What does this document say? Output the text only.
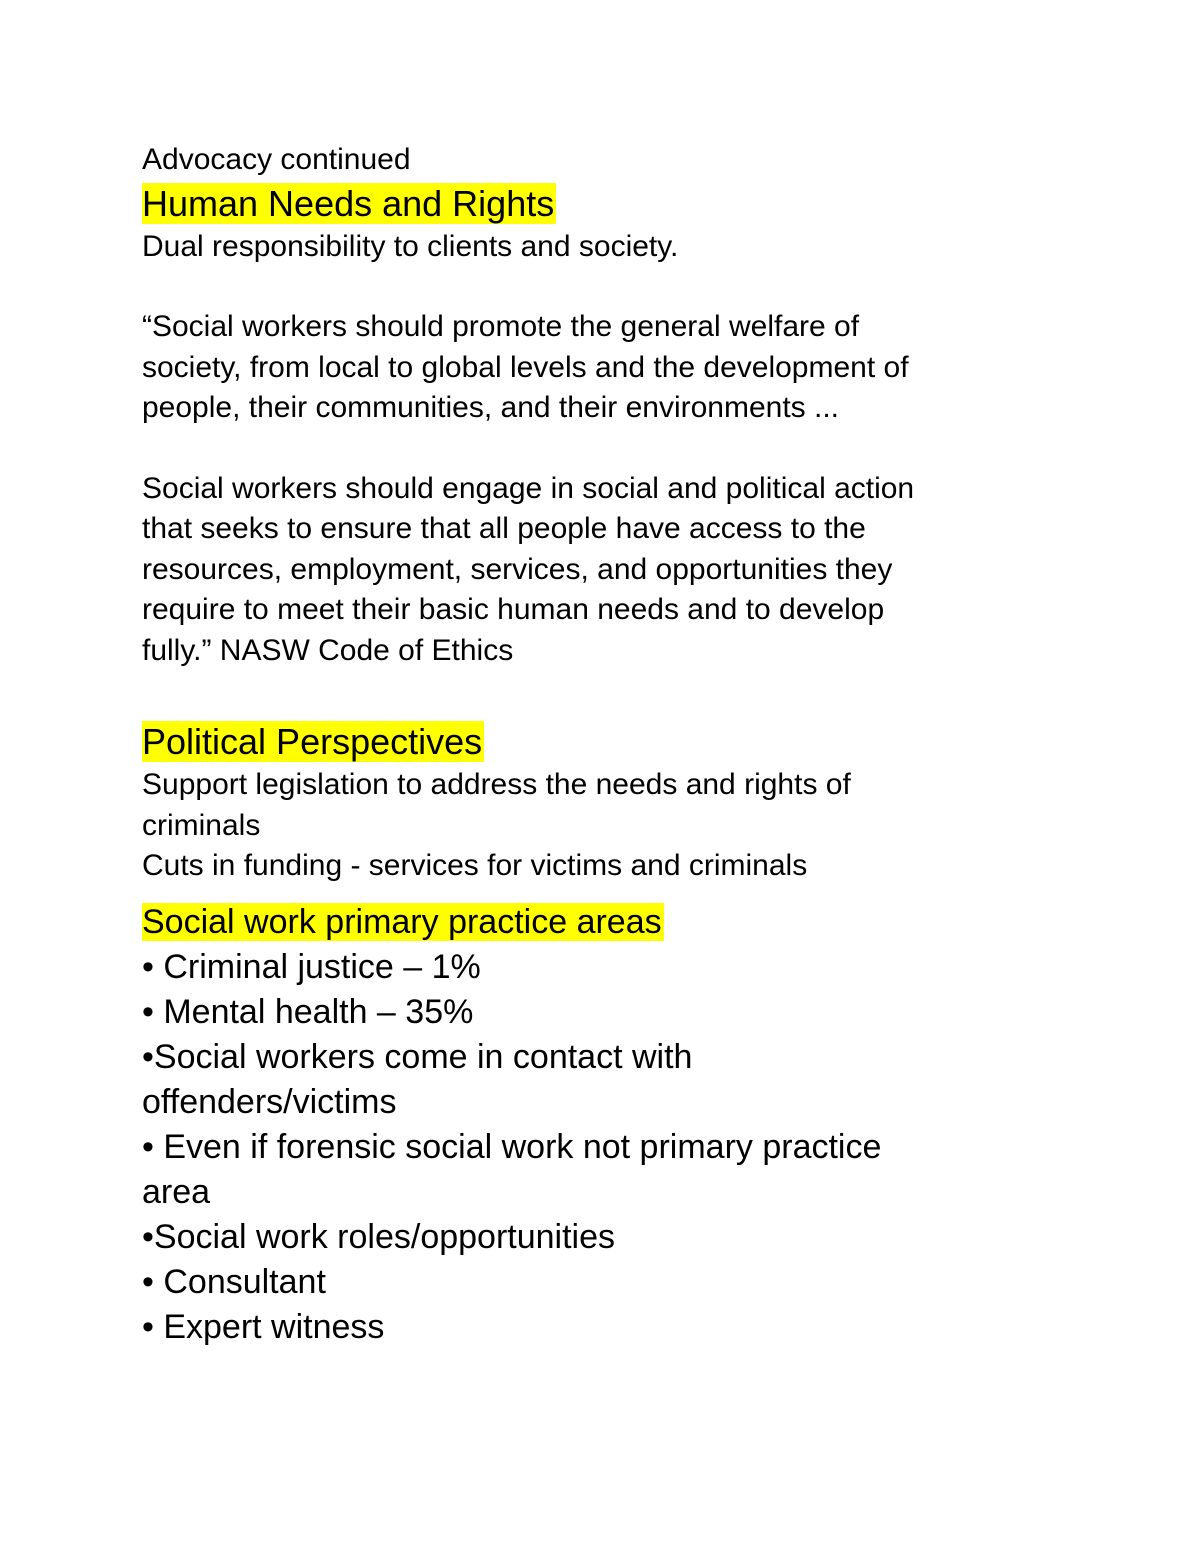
Advocacy continued
Human Needs and Rights
Dual responsibility to clients and society.
“Social workers should promote the general welfare of
society, from local to global levels and the development of
people, their communities, and their environments ...
Social workers should engage in social and political action
that seeks to ensure that all people have access to the
resources, employment, services, and opportunities they
require to meet their basic human needs and to develop
fully.” NASW Code of Ethics
Political Perspectives
Support legislation to address the needs and rights of
criminals
Cuts in funding - services for victims and criminals
Social work primary practice areas
• Criminal justice – 1%
• Mental health – 35%
•Social workers come in contact with
offenders/victims
• Even if forensic social work not primary practice
area
•Social work roles/opportunities
• Consultant
• Expert witness
